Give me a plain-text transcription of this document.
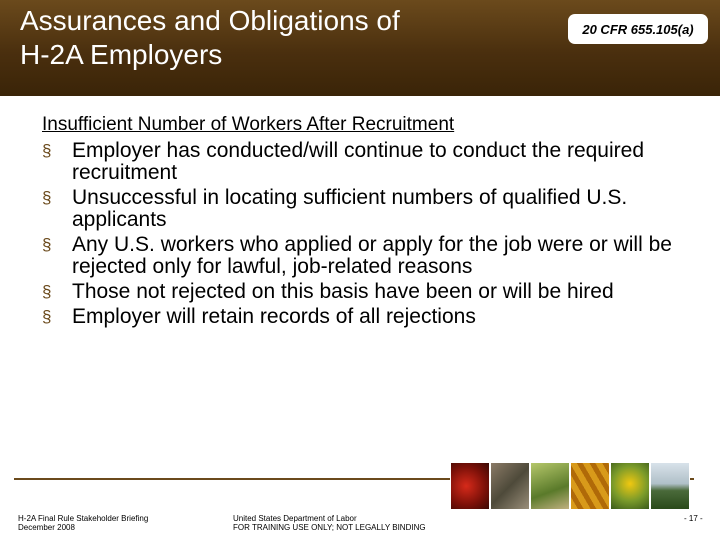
Assurances and Obligations of
H-2A Employers
20 CFR 655.105(a)
Insufficient Number of Workers After Recruitment
§ Employer has conducted/will continue to conduct the required recruitment
§ Unsuccessful in locating sufficient numbers of qualified U.S. applicants
§ Any U.S. workers who applied or apply for the job were or will be rejected only for lawful, job-related reasons
§ Those not rejected on this basis have been or will be hired
§ Employer will retain records of all rejections
H-2A Final Rule Stakeholder Briefing
December 2008
United States Department of Labor
FOR TRAINING USE ONLY; NOT LEGALLY BINDING
- 17 -
